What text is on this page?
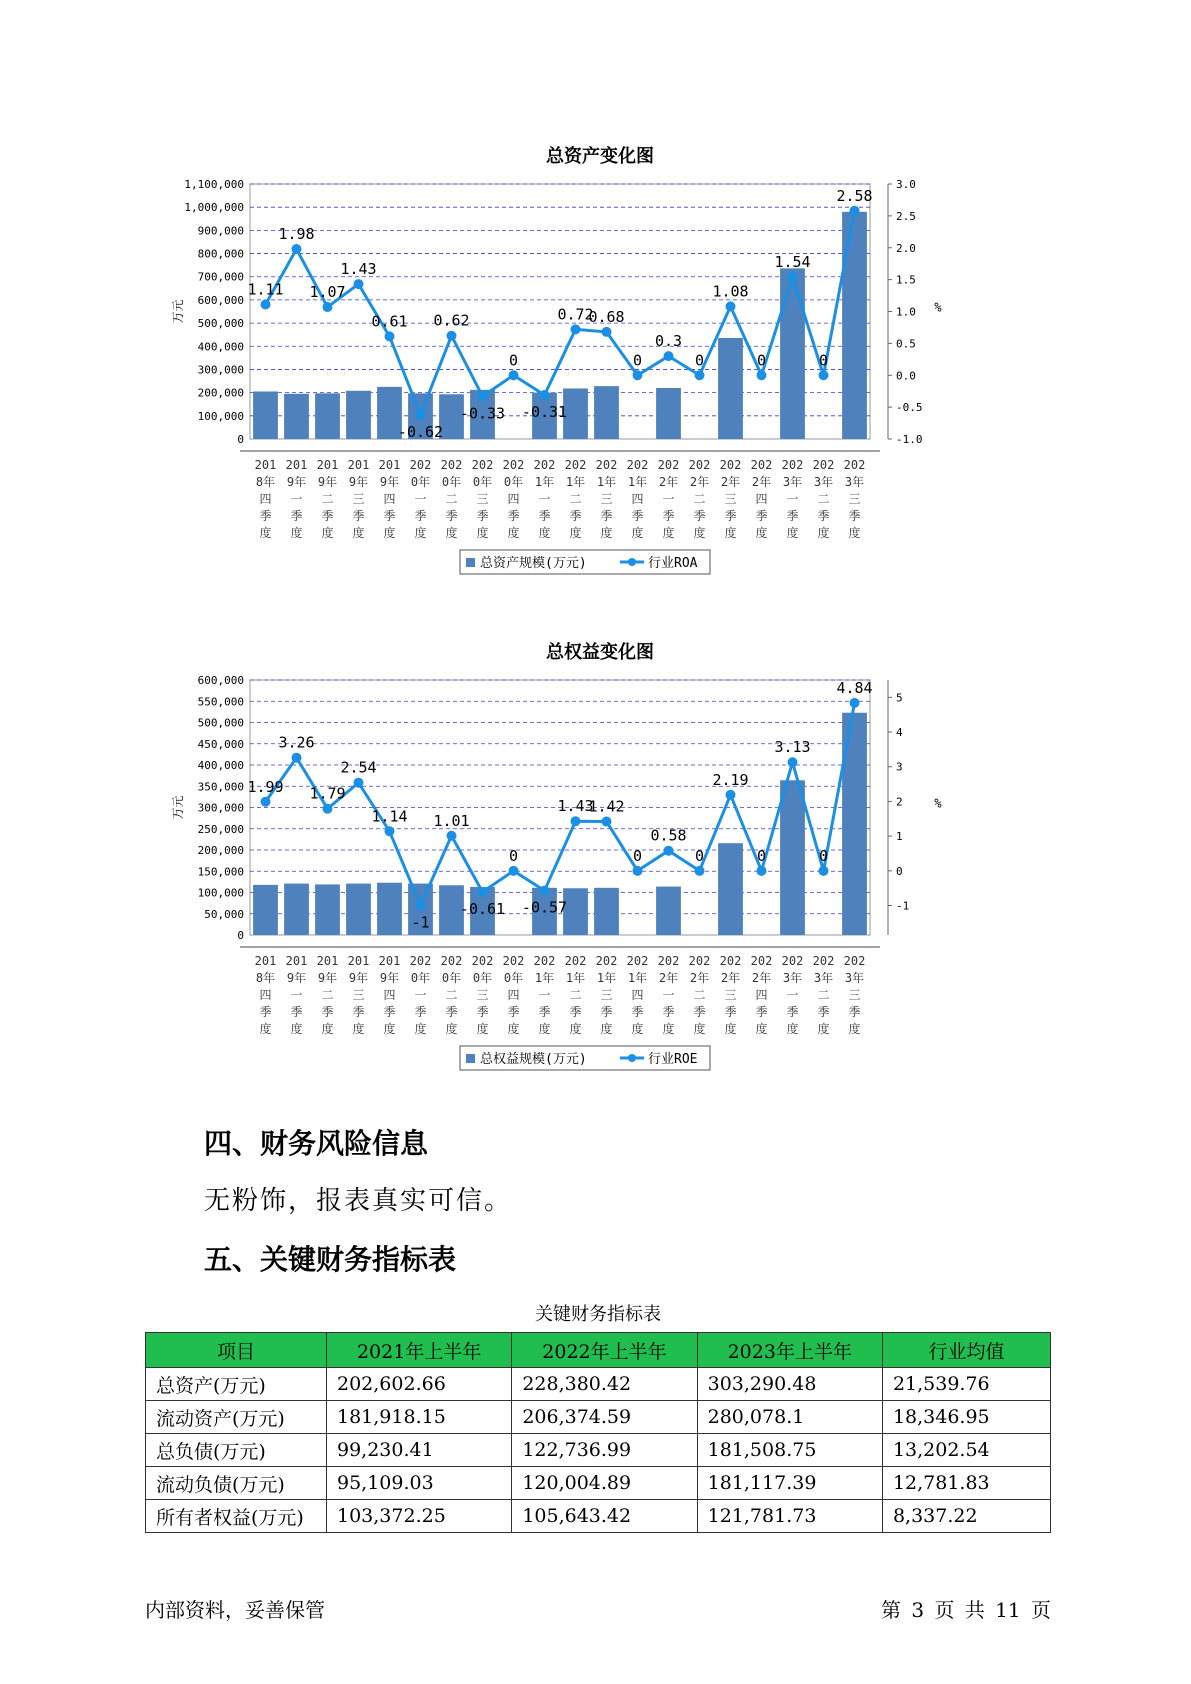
总资产变化图
0
100,000
200,000
300,000
400,000
500,000
600,000
700,000
800,000
900,000
1,000,000
1,100,000
-1.0
-0.5
0.0
0.5
1.0
1.5
2.0
2.5
3.0
万元	%
1.11
1.98
1.07
1.43
0.61
-0.62
0.62
-0.33
0
-0.31
0.72
0.68
0
0.3
0
1.08
0
1.54
0
2.58
201
8年
四
季
度
201
9年
一
季
度
201
9年
二
季
度
201
9年
三
季
度
201
9年
四
季
度
202
0年
一
季
度
202
0年
二
季
度
202
0年
三
季
度
202
0年
四
季
度
202
1年
一
季
度
202
1年
二
季
度
202
1年
三
季
度
202
1年
四
季
度
202
2年
一
季
度
202
2年
二
季
度
202
2年
三
季
度
202
2年
四
季
度
202
3年
一
季
度
202
3年
二
季
度
202
3年
三
季
度
总资产规模(万元)	行业ROA
总权益变化图
0
50,000
100,000
150,000
200,000
250,000
300,000
350,000
400,000
450,000
500,000
550,000
600,000
-1
0
1
2
3
4
5
万元	%
1.99
3.26
1.79
2.54
1.14
-1
1.01
-0.61
0
-0.57
1.43
1.42
0
0.58
0
2.19
0
3.13
0
4.84
201
8年
四
季
度
201
9年
一
季
度
201
9年
二
季
度
201
9年
三
季
度
201
9年
四
季
度
202
0年
一
季
度
202
0年
二
季
度
202
0年
三
季
度
202
0年
四
季
度
202
1年
一
季
度
202
1年
二
季
度
202
1年
三
季
度
202
1年
四
季
度
202
2年
一
季
度
202
2年
二
季
度
202
2年
三
季
度
202
2年
四
季
度
202
3年
一
季
度
202
3年
二
季
度
202
3年
三
季
度
总权益规模(万元)	行业ROE
四、财务风险信息

无粉饰，报表真实可信。

五、关键财务指标表
关键财务指标表
项目	2021年上半年	2022年上半年	2023年上半年	行业均值
总资产(万元)	202,602.66	228,380.42	303,290.48	21,539.76
流动资产(万元)	181,918.15	206,374.59	280,078.1	18,346.95
总负债(万元)	99,230.41	122,736.99	181,508.75	13,202.54
流动负债(万元)	95,109.03	120,004.89	181,117.39	12,781.83
所有者权益(万元)	103,372.25	105,643.42	121,781.73	8,337.22
内部资料，妥善保管	第 3 页 共 11 页
